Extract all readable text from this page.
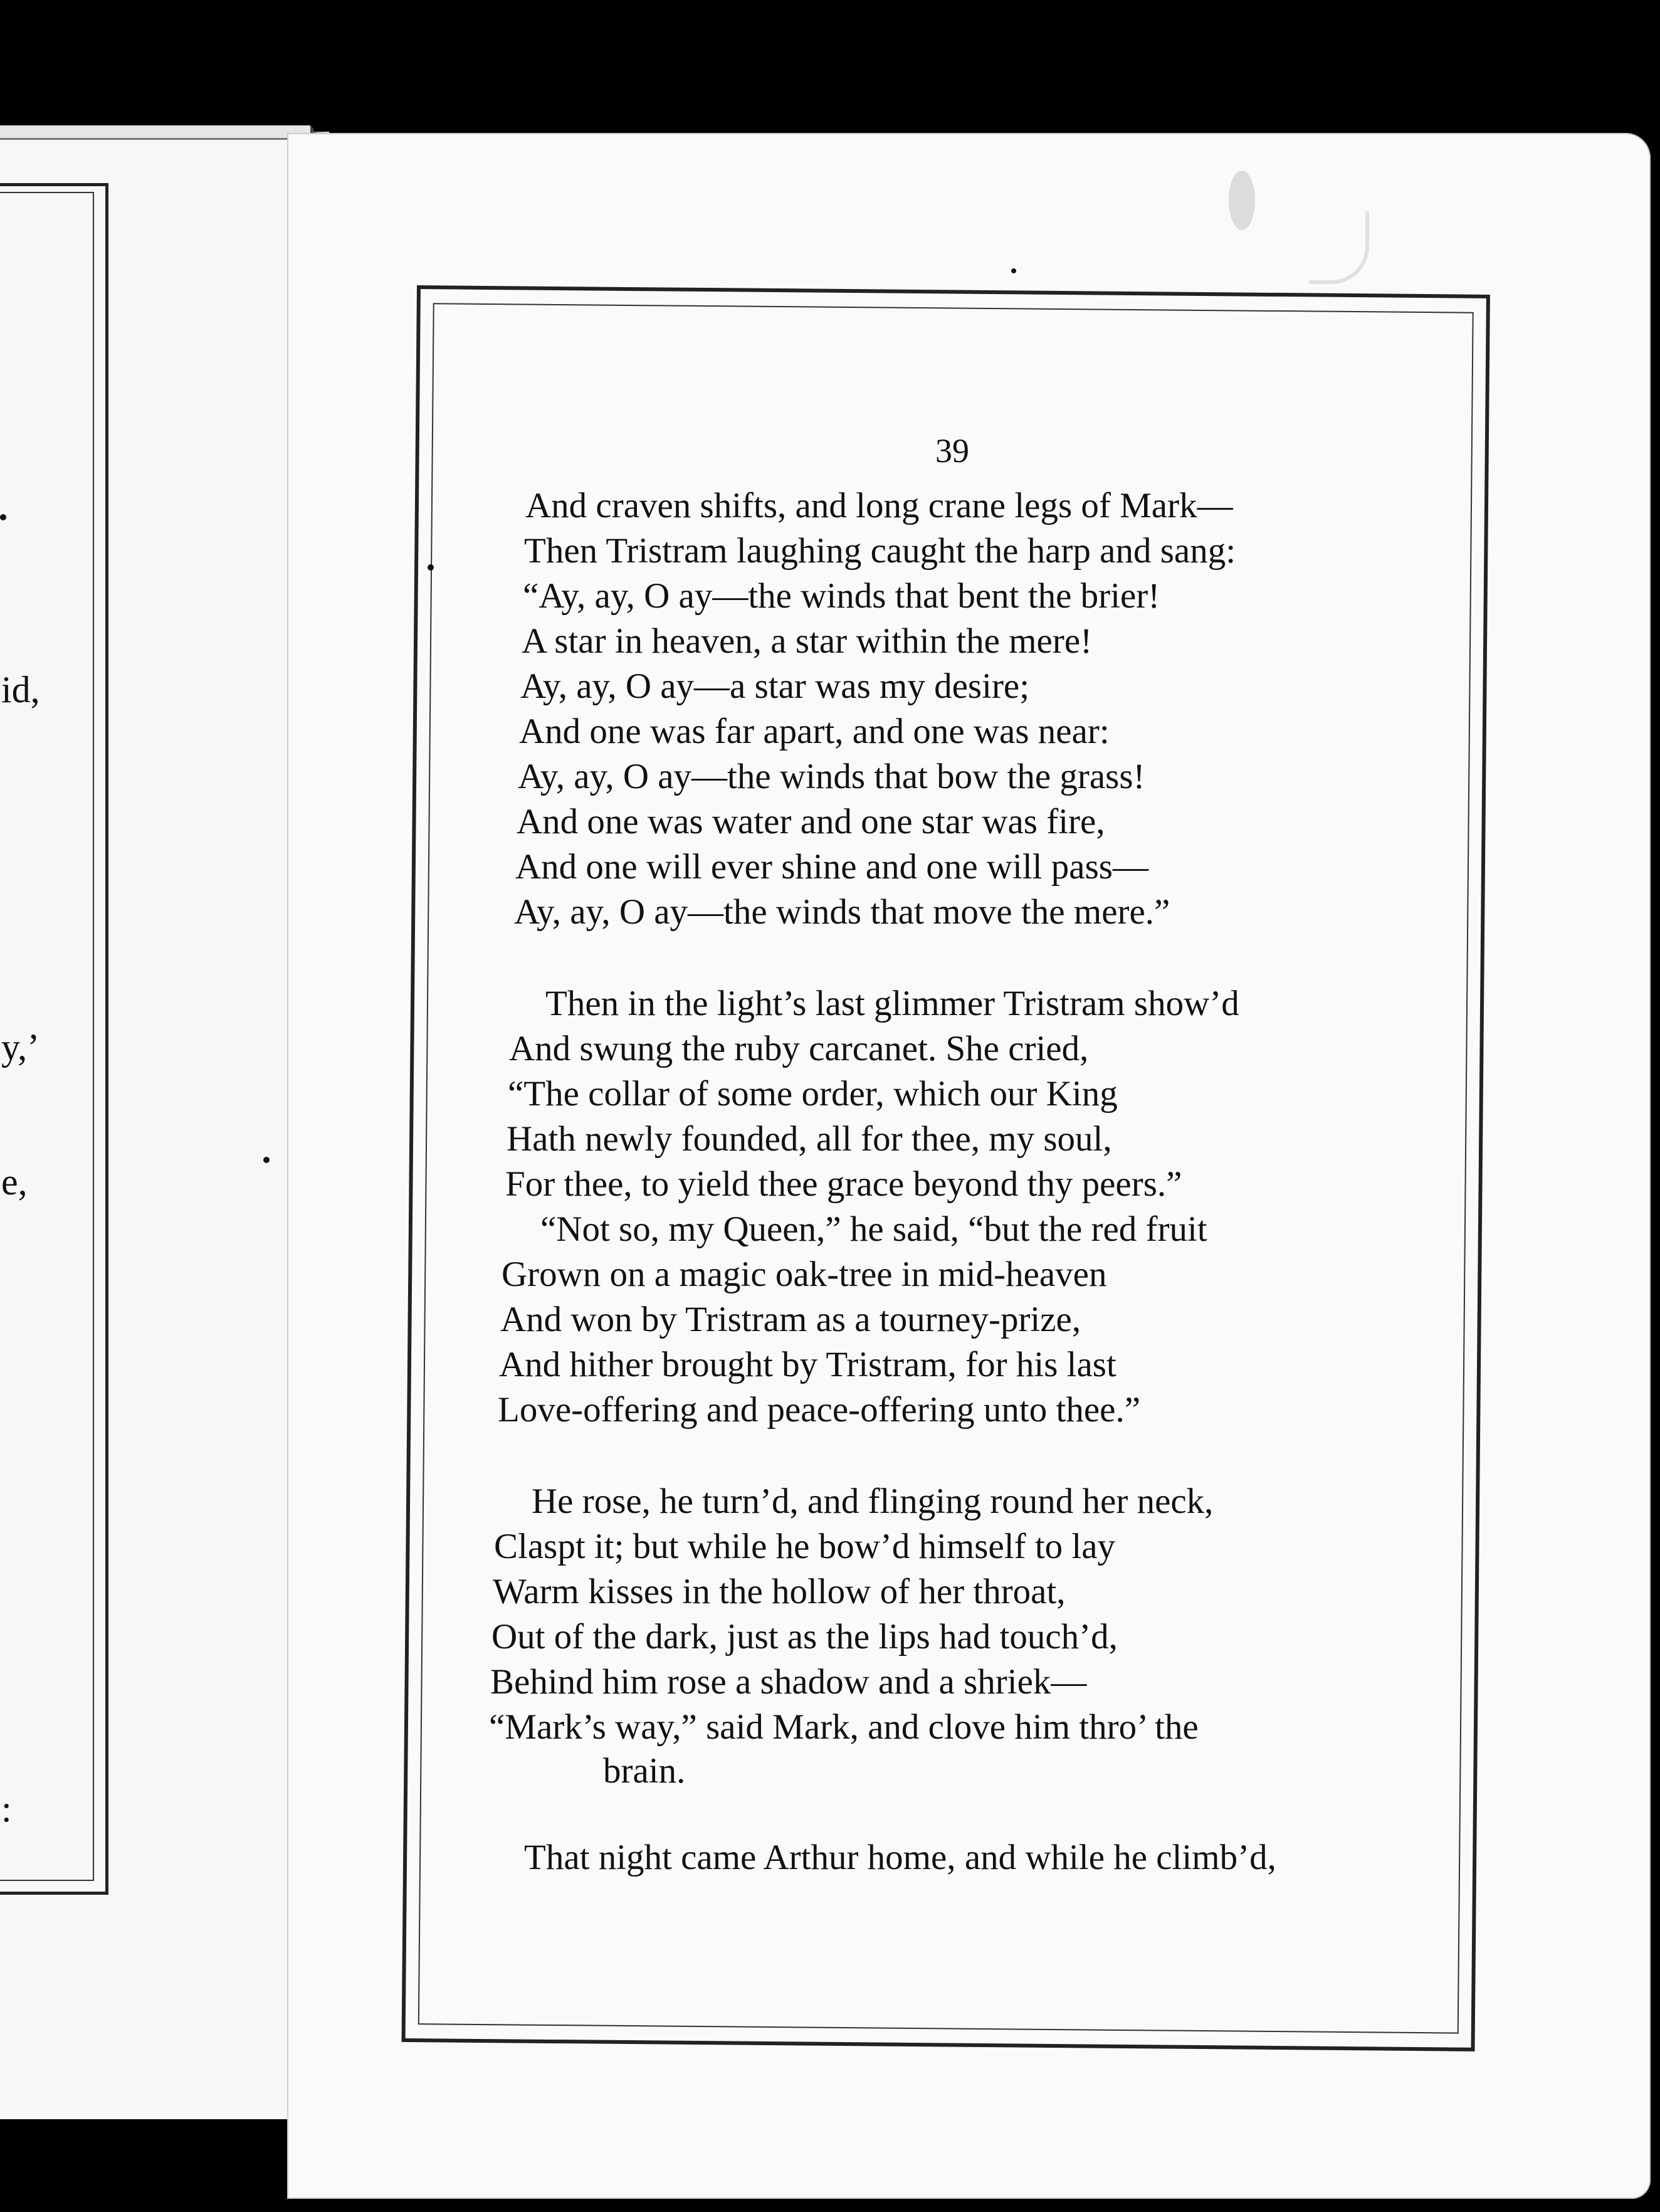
id,
y,’
e,
:
39
And craven shifts, and long crane legs of Mark—
Then Tristram laughing caught the harp and sang:
“Ay, ay, O ay—the winds that bent the brier!
A star in heaven, a star within the mere!
Ay, ay, O ay—a star was my desire;
And one was far apart, and one was near:
Ay, ay, O ay—the winds that bow the grass!
And one was water and one star was fire,
And one will ever shine and one will pass—
Ay, ay, O ay—the winds that move the mere.”
Then in the light’s last glimmer Tristram show’d
And swung the ruby carcanet. She cried,
“The collar of some order, which our King
Hath newly founded, all for thee, my soul,
For thee, to yield thee grace beyond thy peers.”
“Not so, my Queen,” he said, “but the red fruit
Grown on a magic oak-tree in mid-heaven
And won by Tristram as a tourney-prize,
And hither brought by Tristram, for his last
Love-offering and peace-offering unto thee.”
He rose, he turn’d, and flinging round her neck,
Claspt it; but while he bow’d himself to lay
Warm kisses in the hollow of her throat,
Out of the dark, just as the lips had touch’d,
Behind him rose a shadow and a shriek—
“Mark’s way,” said Mark, and clove him thro’ the
brain.
That night came Arthur home, and while he climb’d,
